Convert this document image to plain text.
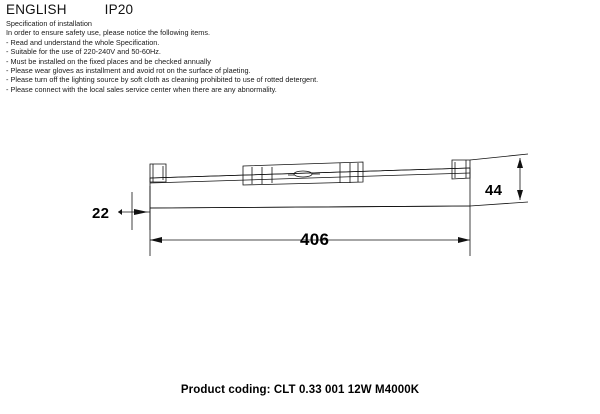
ENGLISH	IP20
Specification of installation
In order to ensure safety use, please notice the following items.
- Read and understand the whole Specification.
- Suitable for the use of 220-240V and 50-60Hz.
- Must be installed on the fixed places and be checked annually
- Please wear gloves as installment and avoid rot on the surface of plaeting.
- Please turn off the lighting source by soft cloth as cleaning prohibited to use of rotted detergent.
- Please connect with the local sales service center when there are any abnormality.
22
44
406
Product coding: CLT 0.33 001 12W M4000K
